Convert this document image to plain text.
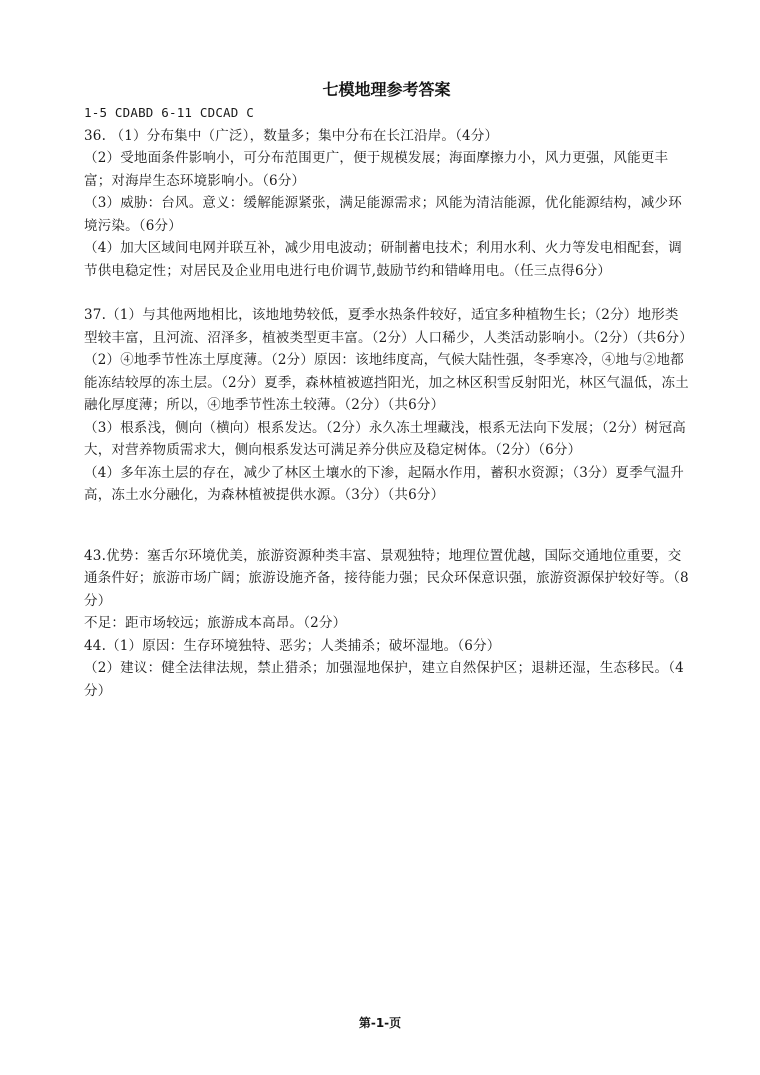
七模地理参考答案
1-5 CDABD 6-11 CDCAD C
36. （1）分布集中（广泛），数量多；集中分布在长江沿岸。（4分）
（2）受地面条件影响小，可分布范围更广，便于规模发展；海面摩擦力小，风力更强，风能更丰富；对海岸生态环境影响小。（6分）
（3）威胁：台风。意义：缓解能源紧张，满足能源需求；风能为清洁能源，优化能源结构，减少环境污染。（6分）
（4）加大区域间电网并联互补，减少用电波动；研制蓄电技术；利用水利、火力等发电相配套，调节供电稳定性；对居民及企业用电进行电价调节,鼓励节约和错峰用电。（任三点得6分）
37.（1）与其他两地相比，该地地势较低，夏季水热条件较好，适宜多种植物生长；（2分）地形类型较丰富，且河流、沼泽多，植被类型更丰富。（2分）人口稀少，人类活动影响小。（2分）（共6分）
（2）④地季节性冻土厚度薄。（2分）原因：该地纬度高，气候大陆性强，冬季寒冷，④地与②地都能冻结较厚的冻土层。（2分）夏季，森林植被遮挡阳光，加之林区积雪反射阳光，林区气温低，冻土融化厚度薄；所以，④地季节性冻土较薄。（2分）（共6分）
（3）根系浅，侧向（横向）根系发达。（2分）永久冻土埋藏浅，根系无法向下发展；（2分）树冠高大，对营养物质需求大，侧向根系发达可满足养分供应及稳定树体。（2分）（6分）
（4）多年冻土层的存在，减少了林区土壤水的下渗，起隔水作用，蓄积水资源；（3分）夏季气温升高，冻土水分融化，为森林植被提供水源。（3分）（共6分）
43.优势：塞舌尔环境优美，旅游资源种类丰富、景观独特；地理位置优越，国际交通地位重要，交通条件好；旅游市场广阔；旅游设施齐备，接待能力强；民众环保意识强，旅游资源保护较好等。（8分）
不足：距市场较远；旅游成本高昂。（2分）
44.（1）原因：生存环境独特、恶劣；人类捕杀；破坏湿地。（6分）
（2）建议：健全法律法规，禁止猎杀；加强湿地保护，建立自然保护区；退耕还湿，生态移民。（4分）
第-1-页
